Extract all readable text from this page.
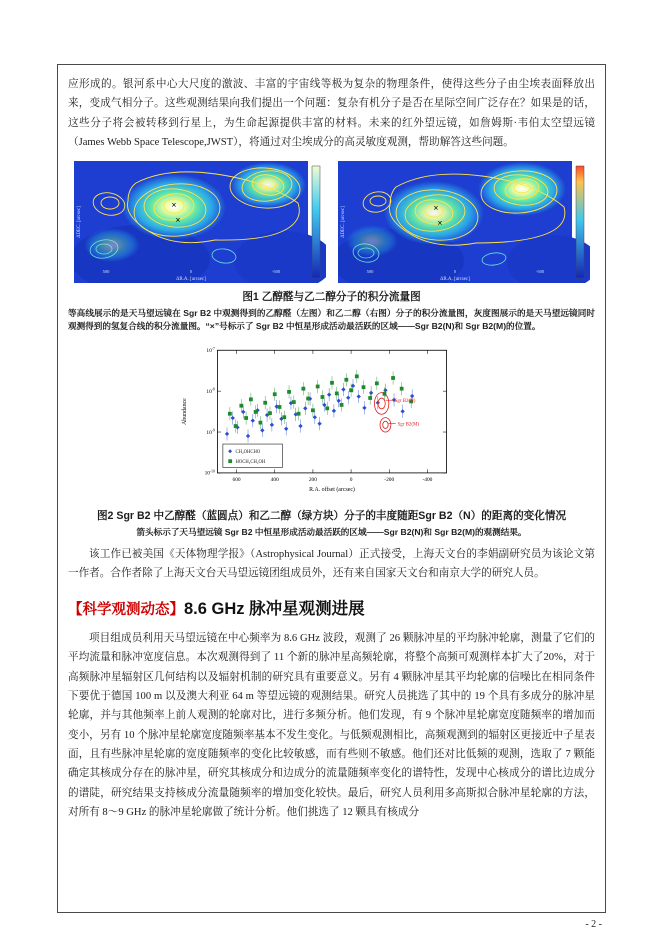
应形成的。银河系中心大尺度的激波、丰富的宇宙线等极为复杂的物理条件，使得这些分子由尘埃表面释放出来，变成气相分子。这些观测结果向我们提出一个问题：复杂有机分子是否在星际空间广泛存在？如果是的话，这些分子将会被转移到行星上，为生命起源提供丰富的材料。未来的红外望远镜，如詹姆斯·韦伯太空望远镜（James Webb Space Telescope,JWST），将通过对尘埃成分的高灵敏度观测，帮助解答这些问题。

×
×
ΔR.A. [arcsec]
ΔDEC. [arcsec]
500	0	-500
×
×
ΔR.A. [arcsec]
ΔDEC. [arcsec]
500	0	-500

图1 乙醇醛与乙二醇分子的积分流量图

等高线展示的是天马望远镜在 Sgr B2 中观测得到的乙醇醛（左图）和乙二醇（右图）分子的积分流量图，灰度图展示的是天马望远镜同时观测得到的氢复合线的积分流量图。“×”号标示了 Sgr B2 中恒星形成活动最活跃的区域——Sgr B2(N)和 Sgr B2(M)的位置。

600	400	200	0	-200	-400
$10^{-10}$
$10^{-9}$
$10^{-8}$
$10^{-7}$
Sgr B2(N)
Sgr B2(M)
CH₂OHCHO
HOCH₂CH₂OH
R.A. offset (arcsec)
Abundance

图2 Sgr B2 中乙醇醛（蓝圆点）和乙二醇（绿方块）分子的丰度随距Sgr B2（N）的距离的变化情况

箭头标示了天马望远镜 Sgr B2 中恒星形成活动最活跃的区域——Sgr B2(N)和 Sgr B2(M)的观测结果。

该工作已被美国《天体物理学报》（Astrophysical Journal）正式接受，上海天文台的李娟副研究员为该论文第一作者。合作者除了上海天文台天马望远镜团组成员外，还有来自国家天文台和南京大学的研究人员。

【科学观测动态】8.6 GHz 脉冲星观测进展

项目组成员利用天马望远镜在中心频率为 8.6 GHz 波段，观测了 26 颗脉冲星的平均脉冲轮廓，测量了它们的平均流量和脉冲宽度信息。本次观测得到了 11 个新的脉冲星高频轮廓，将整个高频可观测样本扩大了20%，对于高频脉冲星辐射区几何结构以及辐射机制的研究具有重要意义。另有 4 颗脉冲星其平均轮廓的信噪比在相同条件下要优于德国 100 m 以及澳大利亚 64 m 等望远镜的观测结果。研究人员挑选了其中的 19 个具有多成分的脉冲星轮廓，并与其他频率上前人观测的轮廓对比，进行多频分析。他们发现，有 9 个脉冲星轮廓宽度随频率的增加而变小，另有 10 个脉冲星轮廓宽度随频率基本不发生变化。与低频观测相比，高频观测到的辐射区更接近中子星表面，且有些脉冲星轮廓的宽度随频率的变化比较敏感，而有些则不敏感。他们还对比低频的观测，选取了 7 颗能确定其核成分存在的脉冲星，研究其核成分和边成分的流量随频率变化的谱特性，发现中心核成分的谱比边成分的谱陡，研究结果支持核成分流量随频率的增加变化较快。最后，研究人员利用多高斯拟合脉冲星轮廓的方法，对所有 8～9 GHz 的脉冲星轮廓做了统计分析。他们挑选了 12 颗具有核成分

- 2 -
